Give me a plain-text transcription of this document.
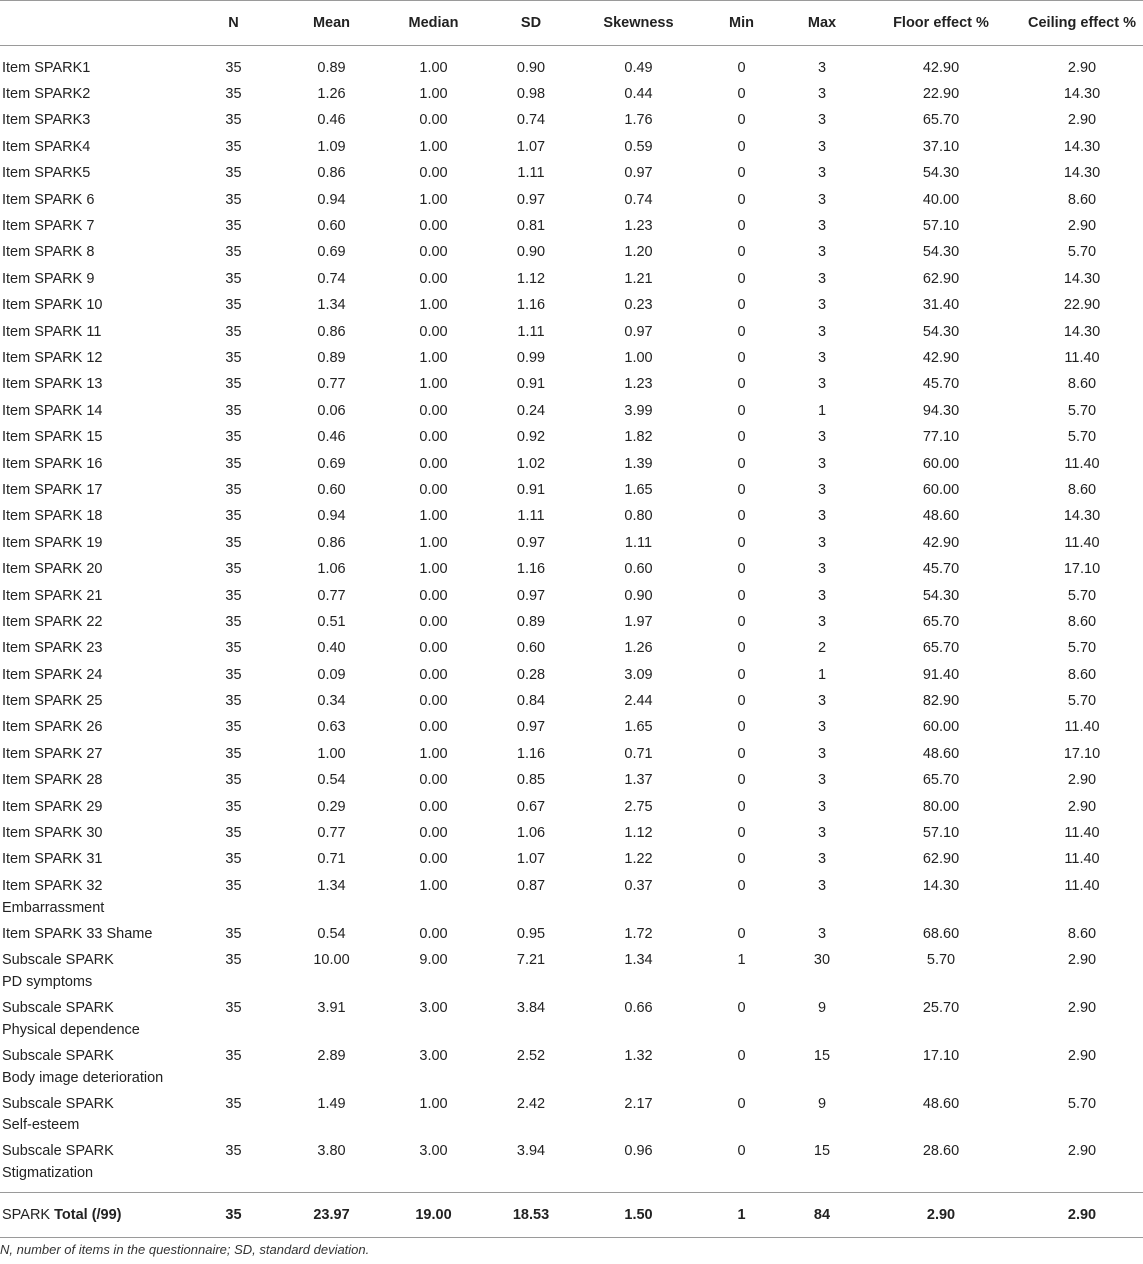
	N	Mean	Median	SD	Skewness	Min	Max	Floor effect %	Ceiling effect %
Item SPARK1	35	0.89	1.00	0.90	0.49	0	3	42.90	2.90
Item SPARK2	35	1.26	1.00	0.98	0.44	0	3	22.90	14.30
Item SPARK3	35	0.46	0.00	0.74	1.76	0	3	65.70	2.90
Item SPARK4	35	1.09	1.00	1.07	0.59	0	3	37.10	14.30
Item SPARK5	35	0.86	0.00	1.11	0.97	0	3	54.30	14.30
Item SPARK 6	35	0.94	1.00	0.97	0.74	0	3	40.00	8.60
Item SPARK 7	35	0.60	0.00	0.81	1.23	0	3	57.10	2.90
Item SPARK 8	35	0.69	0.00	0.90	1.20	0	3	54.30	5.70
Item SPARK 9	35	0.74	0.00	1.12	1.21	0	3	62.90	14.30
Item SPARK 10	35	1.34	1.00	1.16	0.23	0	3	31.40	22.90
Item SPARK 11	35	0.86	0.00	1.11	0.97	0	3	54.30	14.30
Item SPARK 12	35	0.89	1.00	0.99	1.00	0	3	42.90	11.40
Item SPARK 13	35	0.77	1.00	0.91	1.23	0	3	45.70	8.60
Item SPARK 14	35	0.06	0.00	0.24	3.99	0	1	94.30	5.70
Item SPARK 15	35	0.46	0.00	0.92	1.82	0	3	77.10	5.70
Item SPARK 16	35	0.69	0.00	1.02	1.39	0	3	60.00	11.40
Item SPARK 17	35	0.60	0.00	0.91	1.65	0	3	60.00	8.60
Item SPARK 18	35	0.94	1.00	1.11	0.80	0	3	48.60	14.30
Item SPARK 19	35	0.86	1.00	0.97	1.11	0	3	42.90	11.40
Item SPARK 20	35	1.06	1.00	1.16	0.60	0	3	45.70	17.10
Item SPARK 21	35	0.77	0.00	0.97	0.90	0	3	54.30	5.70
Item SPARK 22	35	0.51	0.00	0.89	1.97	0	3	65.70	8.60
Item SPARK 23	35	0.40	0.00	0.60	1.26	0	2	65.70	5.70
Item SPARK 24	35	0.09	0.00	0.28	3.09	0	1	91.40	8.60
Item SPARK 25	35	0.34	0.00	0.84	2.44	0	3	82.90	5.70
Item SPARK 26	35	0.63	0.00	0.97	1.65	0	3	60.00	11.40
Item SPARK 27	35	1.00	1.00	1.16	0.71	0	3	48.60	17.10
Item SPARK 28	35	0.54	0.00	0.85	1.37	0	3	65.70	2.90
Item SPARK 29	35	0.29	0.00	0.67	2.75	0	3	80.00	2.90
Item SPARK 30	35	0.77	0.00	1.06	1.12	0	3	57.10	11.40
Item SPARK 31	35	0.71	0.00	1.07	1.22	0	3	62.90	11.40
Item SPARK 32
Embarrassment	35	1.34	1.00	0.87	0.37	0	3	14.30	11.40
Item SPARK 33 Shame	35	0.54	0.00	0.95	1.72	0	3	68.60	8.60
Subscale SPARK
PD symptoms	35	10.00	9.00	7.21	1.34	1	30	5.70	2.90
Subscale SPARK
Physical dependence	35	3.91	3.00	3.84	0.66	0	9	25.70	2.90
Subscale SPARK
Body image deterioration	35	2.89	3.00	2.52	1.32	0	15	17.10	2.90
Subscale SPARK
Self-esteem	35	1.49	1.00	2.42	2.17	0	9	48.60	5.70
Subscale SPARK
Stigmatization	35	3.80	3.00	3.94	0.96	0	15	28.60	2.90
SPARK Total (/99)	35	23.97	19.00	18.53	1.50	1	84	2.90	2.90
N, number of items in the questionnaire; SD, standard deviation.
